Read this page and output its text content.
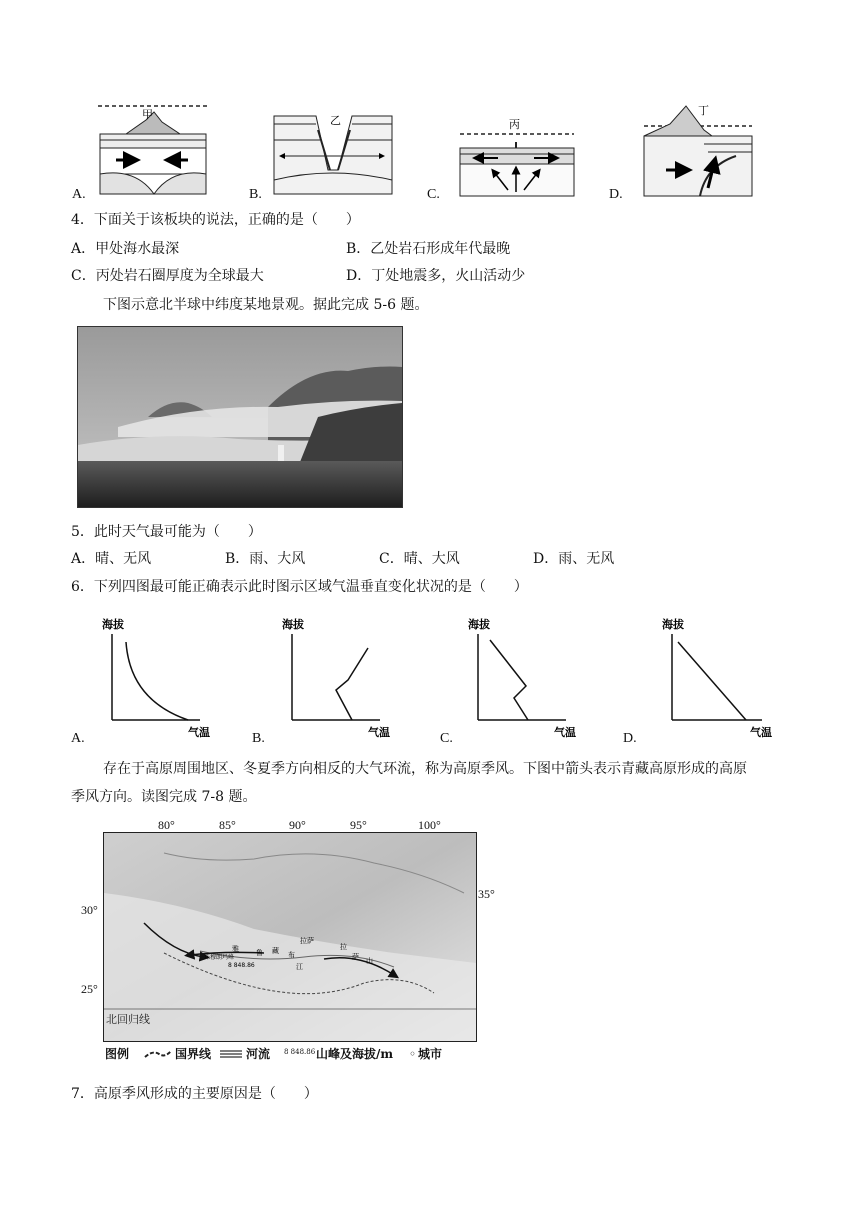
A.
甲
B.
乙
C.
丙
D.
丁
4．下面关于该板块的说法，正确的是（　　）
A．甲处海水最深	B．乙处岩石形成年代最晚
C．丙处岩石圈厚度为全球最大	D．丁处地震多，火山活动少
下图示意北半球中纬度某地景观。据此完成 5-6 题。
5．此时天气最可能为（　　）
A．晴、无风	B．雨、大风	C．晴、大风	D．雨、无风
6．下列四图最可能正确表示此时图示区域气温垂直变化状况的是（　　）
A.
海拔
气温	B.
海拔
气温	C.
海拔
气温	D.
海拔
气温
存在于高原周围地区、冬夏季方向相反的大气环流，称为高原季风。下图中箭头表示青藏高原形成的高原
季风方向。读图完成 7-8 题。
80°	85°	90°	95°	100°
30°
25°
35°
拉萨
珠穆朗玛峰
8 848.86
雅 鲁 藏 布
江
拉
萨 山
北回归线
图例	国界线	河流 8 848.86 山峰及海拔/m ◦ 城市
7．高原季风形成的主要原因是（　　）
